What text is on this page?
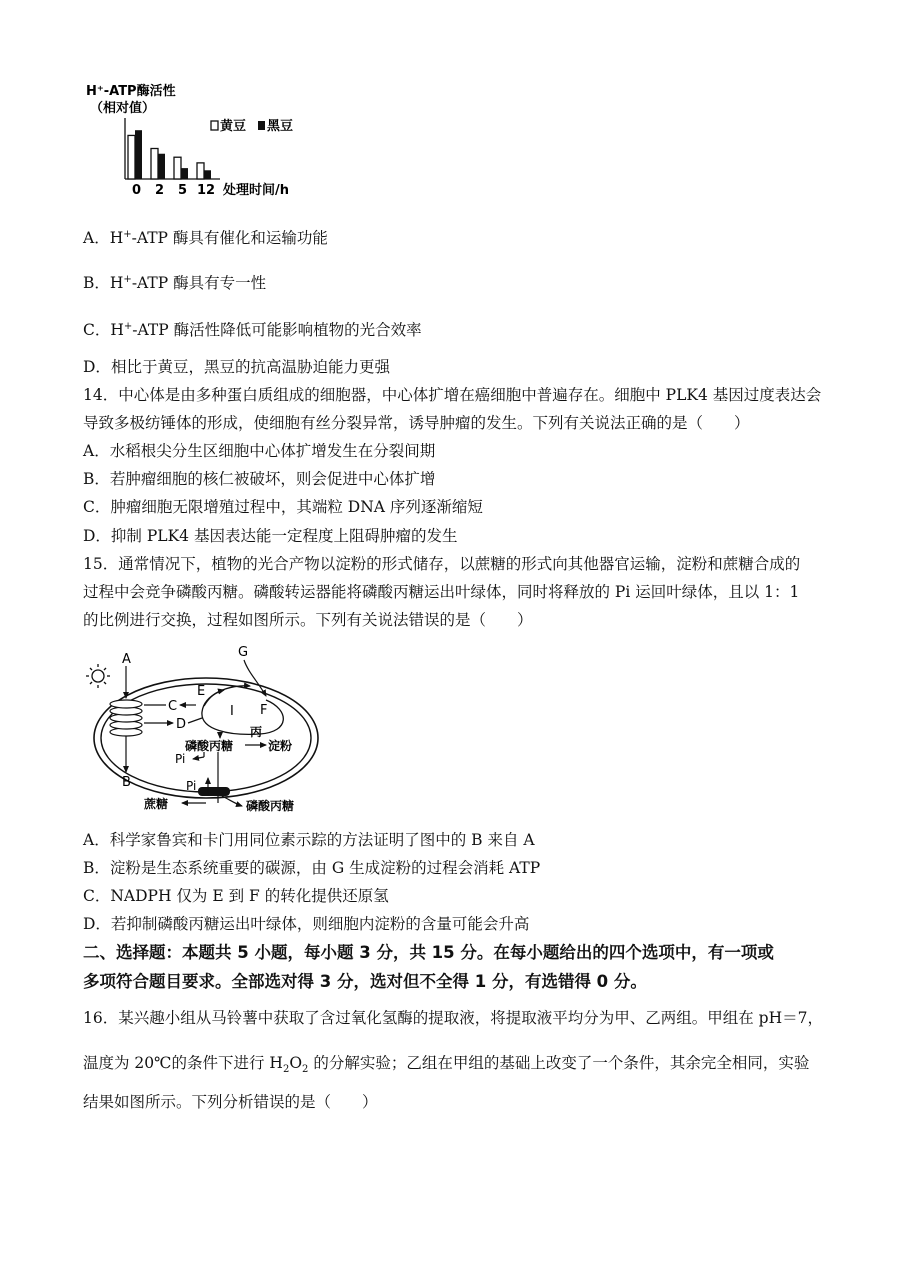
H⁺-ATP酶活性
（相对值）
黄豆 黑豆
0 2 5 12 处理时间/h
A．H+-ATP 酶具有催化和运输功能
B．H+-ATP 酶具有专一性
C．H+-ATP 酶活性降低可能影响植物的光合效率
D．相比于黄豆，黑豆的抗高温胁迫能力更强
14．中心体是由多种蛋白质组成的细胞器，中心体扩增在癌细胞中普遍存在。细胞中 PLK4 基因过度表达会
导致多极纺锤体的形成，使细胞有丝分裂异常，诱导肿瘤的发生。下列有关说法正确的是（　　）
A．水稻根尖分生区细胞中心体扩增发生在分裂间期
B．若肿瘤细胞的核仁被破坏，则会促进中心体扩增
C．肿瘤细胞无限增殖过程中，其端粒 DNA 序列逐渐缩短
D．抑制 PLK4 基因表达能一定程度上阻碍肿瘤的发生
15．通常情况下，植物的光合产物以淀粉的形式储存，以蔗糖的形式向其他器官运输，淀粉和蔗糖合成的
过程中会竞争磷酸丙糖。磷酸转运器能将磷酸丙糖运出叶绿体，同时将释放的 Pi 运回叶绿体，且以 1：1
的比例进行交换，过程如图所示。下列有关说法错误的是（　　）
A
B
C
D
E
I F
G
磷酸丙糖
丙
淀粉
Pi
Pi
蔗糖	磷酸丙糖
A．科学家鲁宾和卡门用同位素示踪的方法证明了图中的 B 来自 A
B．淀粉是生态系统重要的碳源，由 G 生成淀粉的过程会消耗 ATP
C．NADPH 仅为 E 到 F 的转化提供还原氢
D．若抑制磷酸丙糖运出叶绿体，则细胞内淀粉的含量可能会升高
二、选择题：本题共 5 小题，每小题 3 分，共 15 分。在每小题给出的四个选项中，有一项或
多项符合题目要求。全部选对得 3 分，选对但不全得 1 分，有选错得 0 分。
16．某兴趣小组从马铃薯中获取了含过氧化氢酶的提取液，将提取液平均分为甲、乙两组。甲组在 pH＝7，
温度为 20℃的条件下进行 $H_2O_2$ 的分解实验；乙组在甲组的基础上改变了一个条件，其余完全相同，实验
结果如图所示。下列分析错误的是（　　）
